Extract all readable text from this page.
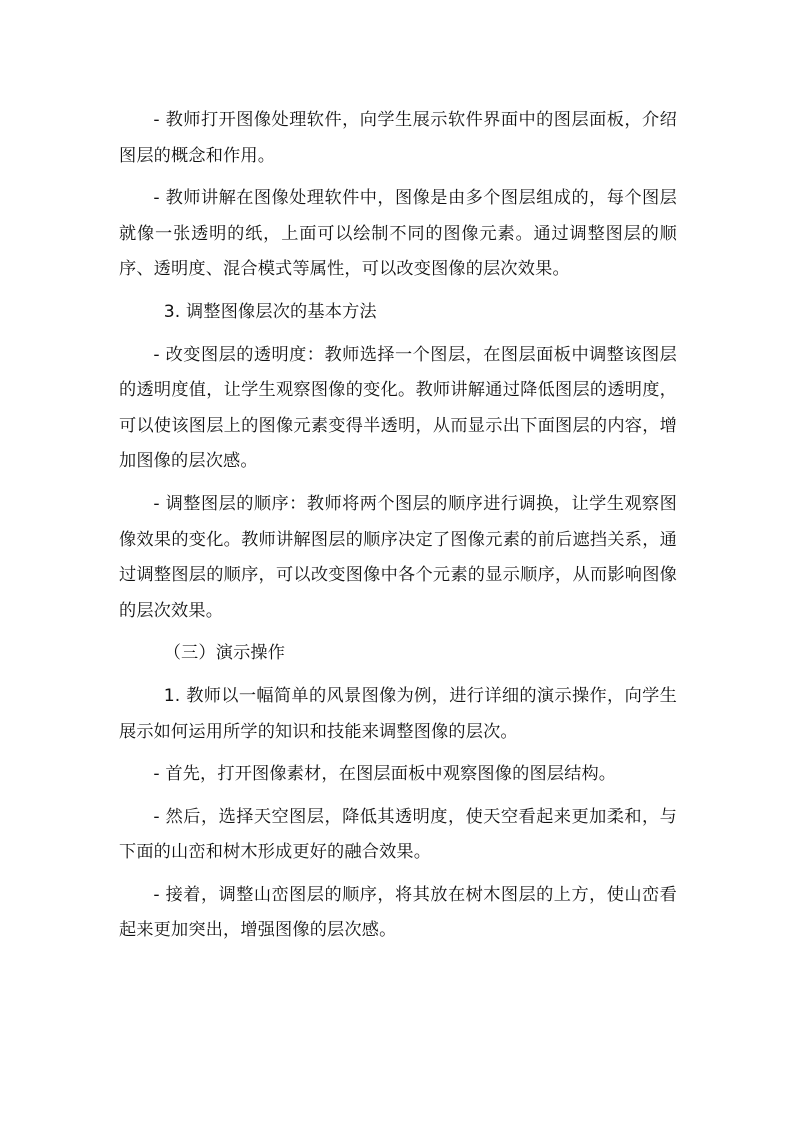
- 教师打开图像处理软件，向学生展示软件界面中的图层面板，介绍图层的概念和作用。

- 教师讲解在图像处理软件中，图像是由多个图层组成的，每个图层就像一张透明的纸，上面可以绘制不同的图像元素。通过调整图层的顺序、透明度、混合模式等属性，可以改变图像的层次效果。

3. 调整图像层次的基本方法

- 改变图层的透明度：教师选择一个图层，在图层面板中调整该图层的透明度值，让学生观察图像的变化。教师讲解通过降低图层的透明度，可以使该图层上的图像元素变得半透明，从而显示出下面图层的内容，增加图像的层次感。

- 调整图层的顺序：教师将两个图层的顺序进行调换，让学生观察图像效果的变化。教师讲解图层的顺序决定了图像元素的前后遮挡关系，通过调整图层的顺序，可以改变图像中各个元素的显示顺序，从而影响图像的层次效果。

（三）演示操作

1. 教师以一幅简单的风景图像为例，进行详细的演示操作，向学生展示如何运用所学的知识和技能来调整图像的层次。

- 首先，打开图像素材，在图层面板中观察图像的图层结构。

- 然后，选择天空图层，降低其透明度，使天空看起来更加柔和，与下面的山峦和树木形成更好的融合效果。

- 接着，调整山峦图层的顺序，将其放在树木图层的上方，使山峦看起来更加突出，增强图像的层次感。
